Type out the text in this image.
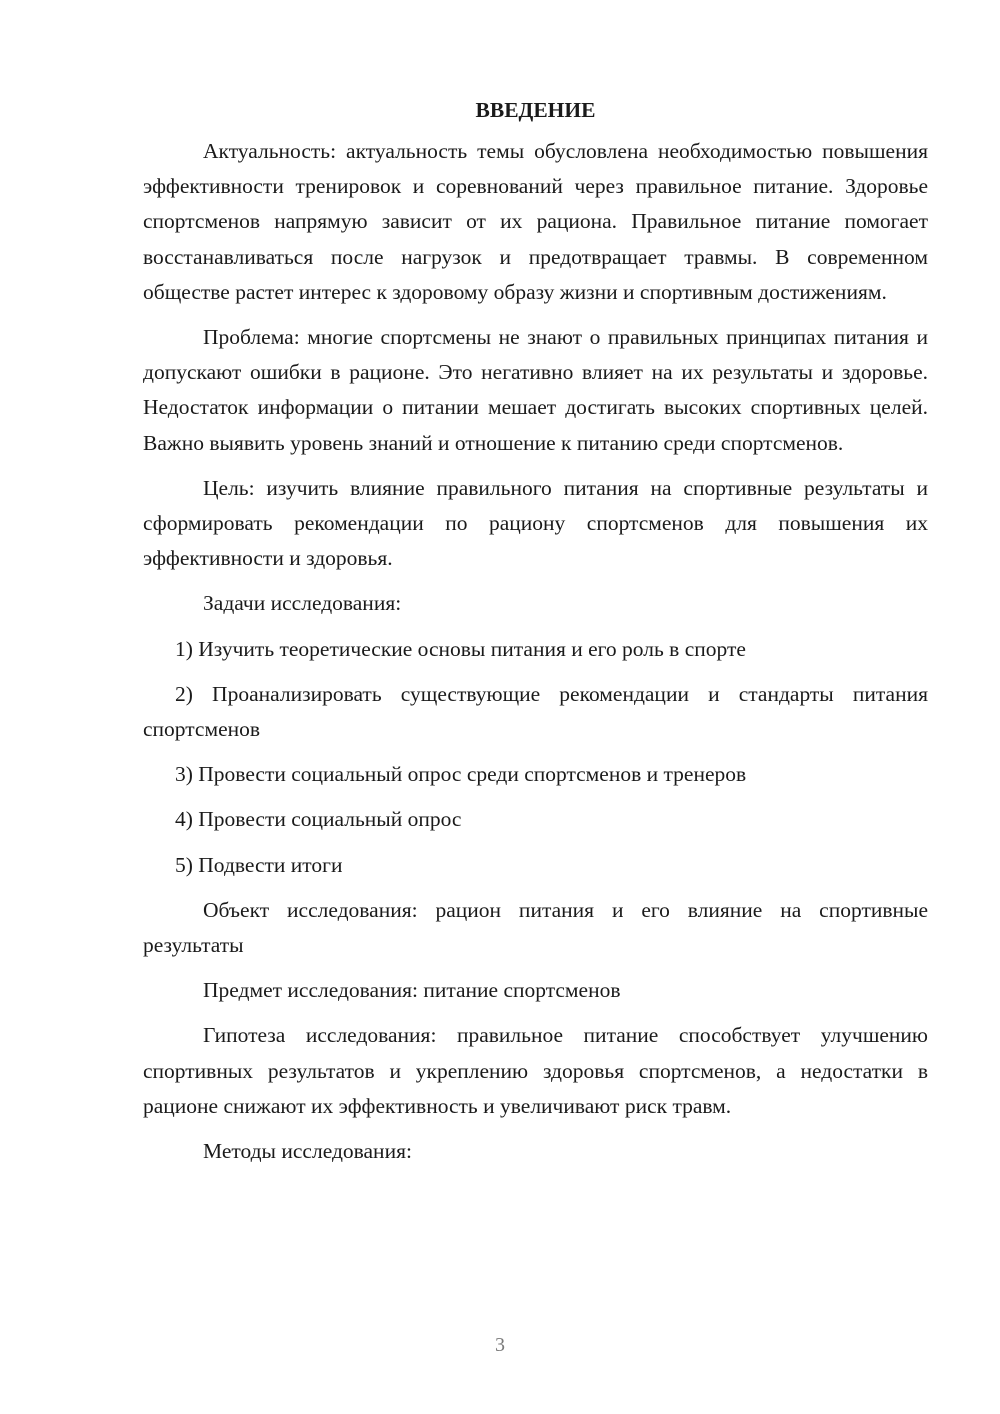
ВВЕДЕНИЕ

Актуальность: актуальность темы обусловлена необходимостью повышения эффективности тренировок и соревнований через правильное питание. Здоровье спортсменов напрямую зависит от их рациона. Правильное питание помогает восстанавливаться после нагрузок и предотвращает травмы. В современном обществе растет интерес к здоровому образу жизни и спортивным достижениям.

Проблема: многие спортсмены не знают о правильных принципах питания и допускают ошибки в рационе. Это негативно влияет на их результаты и здоровье. Недостаток информации о питании мешает достигать высоких спортивных целей. Важно выявить уровень знаний и отношение к питанию среди спортсменов.

Цель: изучить влияние правильного питания на спортивные результаты и сформировать рекомендации по рациону спортсменов для повышения их эффективности и здоровья.

Задачи исследования:

1) Изучить теоретические основы питания и его роль в спорте

2) Проанализировать существующие рекомендации и стандарты питания спортсменов

3) Провести социальный опрос среди спортсменов и тренеров

4) Провести социальный опрос

5) Подвести итоги

Объект исследования: рацион питания и его влияние на спортивные результаты

Предмет исследования: питание спортсменов

Гипотеза исследования: правильное питание способствует улучшению спортивных результатов и укреплению здоровья спортсменов, а недостатки в рационе снижают их эффективность и увеличивают риск травм.

Методы исследования:

3
